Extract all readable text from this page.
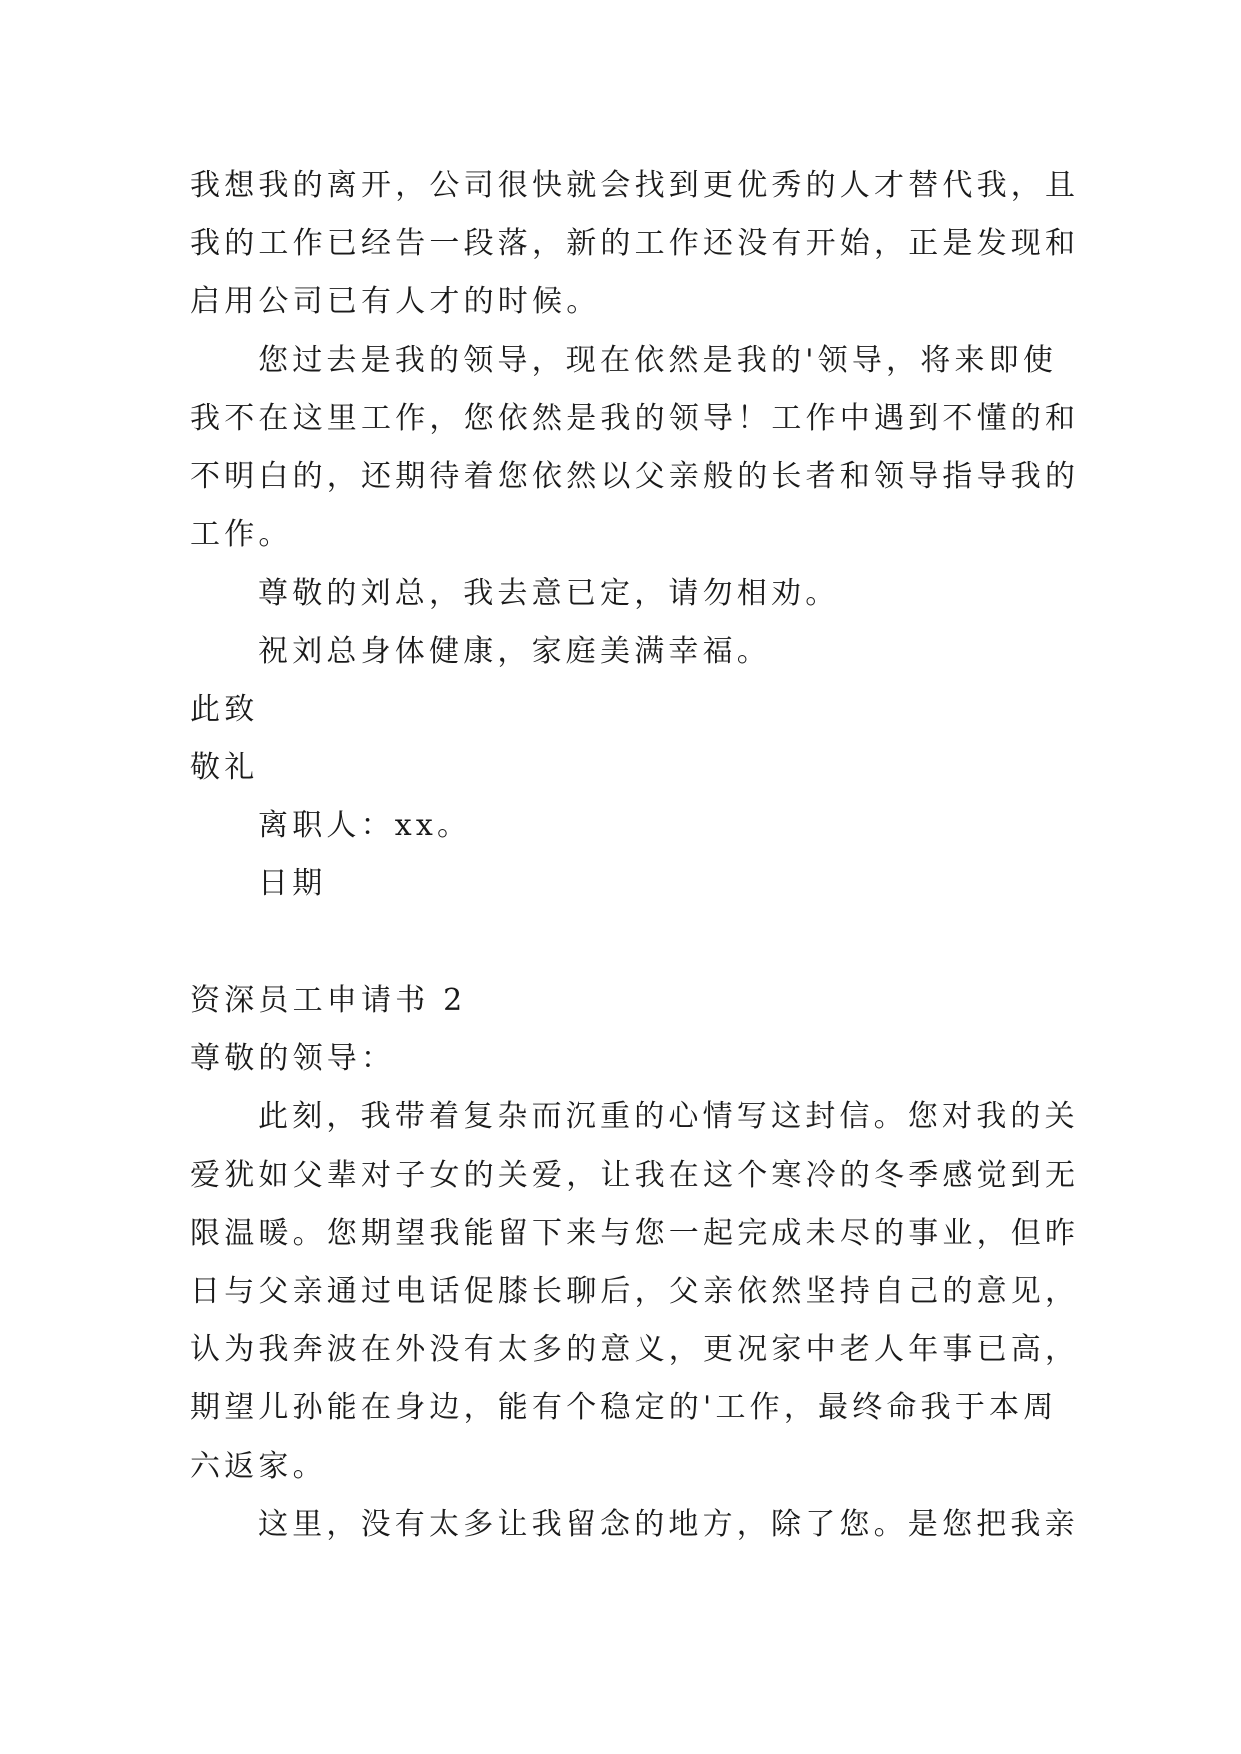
我想我的离开，公司很快就会找到更优秀的人才替代我，且
我的工作已经告一段落，新的工作还没有开始，正是发现和
启用公司已有人才的时候。
您过去是我的领导，现在依然是我的'领导，将来即使
我不在这里工作，您依然是我的领导！工作中遇到不懂的和
不明白的，还期待着您依然以父亲般的长者和领导指导我的
工作。
尊敬的刘总，我去意已定，请勿相劝。
祝刘总身体健康，家庭美满幸福。
此致
敬礼
离职人：xx。
日期
资深员工申请书 2
尊敬的领导：
此刻，我带着复杂而沉重的心情写这封信。您对我的关
爱犹如父辈对子女的关爱，让我在这个寒冷的冬季感觉到无
限温暖。您期望我能留下来与您一起完成未尽的事业，但昨
日与父亲通过电话促膝长聊后，父亲依然坚持自己的意见，
认为我奔波在外没有太多的意义，更况家中老人年事已高，
期望儿孙能在身边，能有个稳定的'工作，最终命我于本周
六返家。
这里，没有太多让我留念的地方，除了您。是您把我亲
